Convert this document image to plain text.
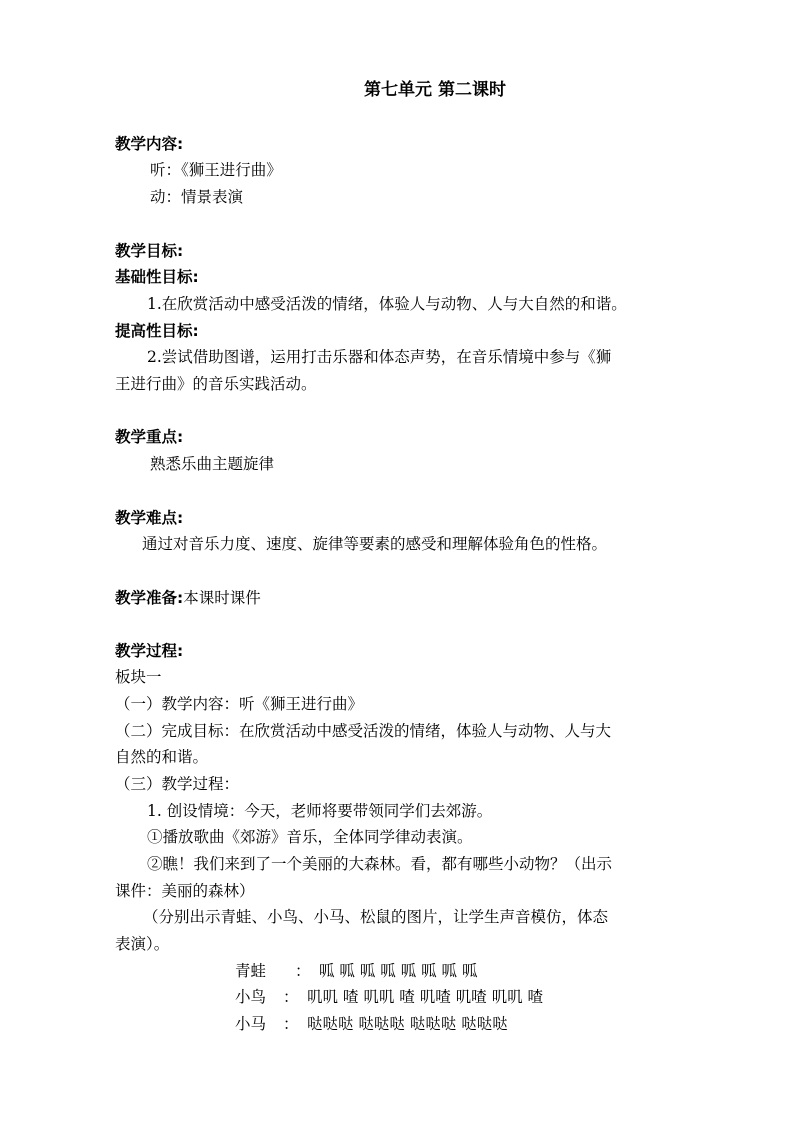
第七单元 第二课时
教学内容:
听：《狮王进行曲》
动：情景表演
教学目标:
基础性目标:
1.在欣赏活动中感受活泼的情绪，体验人与动物、人与大自然的和谐。
提高性目标:
2.尝试借助图谱，运用打击乐器和体态声势，在音乐情境中参与《狮
王进行曲》的音乐实践活动。
教学重点:
熟悉乐曲主题旋律
教学难点:
通过对音乐力度、速度、旋律等要素的感受和理解体验角色的性格。
教学准备:本课时课件
教学过程:
板块一
（一）教学内容：听《狮王进行曲》
（二）完成目标：在欣赏活动中感受活泼的情绪，体验人与动物、人与大
自然的和谐。
（三）教学过程：
1. 创设情境：今天，老师将要带领同学们去郊游。
①播放歌曲《郊游》音乐，全体同学律动表演。
②瞧！我们来到了一个美丽的大森林。看，都有哪些小动物？（出示
课件：美丽的森林）
（分别出示青蛙、小鸟、小马、松鼠的图片，让学生声音模仿，体态
表演）。
青蛙 ： 呱 呱 呱 呱 呱 呱 呱 呱
小鸟 ： 叽叽 喳 叽叽 喳 叽喳 叽喳 叽叽 喳
小马 ： 哒哒哒 哒哒哒 哒哒哒 哒哒哒
